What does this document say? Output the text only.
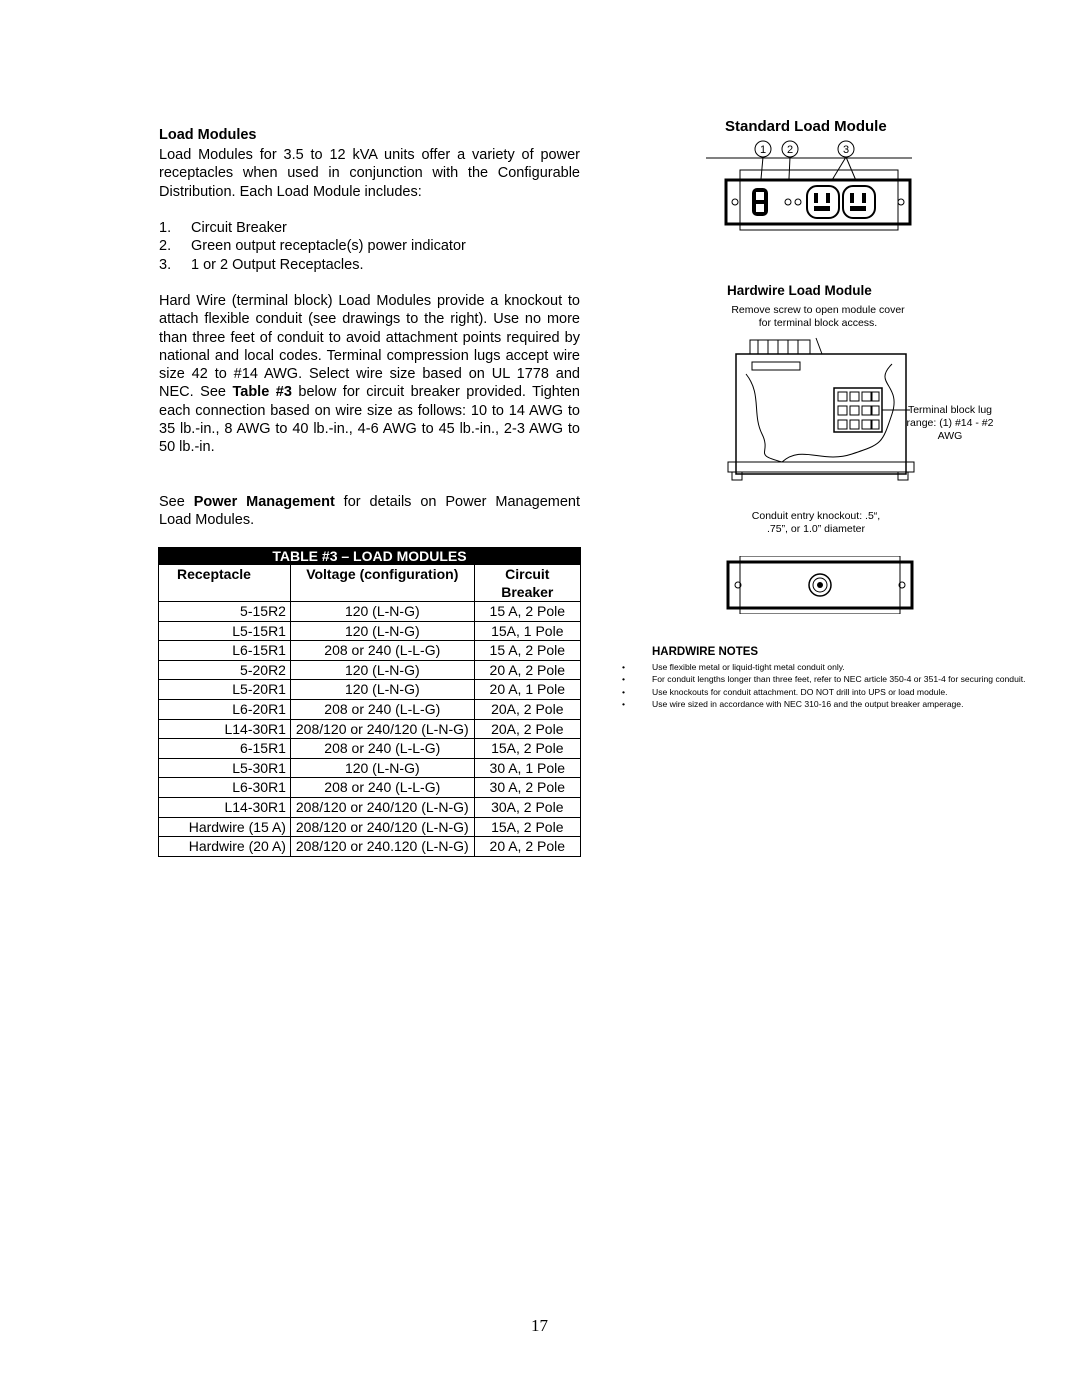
Load Modules
Load Modules for 3.5 to 12 kVA units offer a variety of power receptacles when used in conjunction with the Configurable Distribution. Each Load Module includes:
1. Circuit Breaker
2. Green output receptacle(s) power indicator
3. 1 or 2 Output Receptacles.
Hard Wire (terminal block) Load Modules provide a knockout to attach flexible conduit (see drawings to the right). Use no more than three feet of conduit to avoid attachment points required by national and local codes. Terminal compression lugs accept wire size 42 to #14 AWG. Select wire size based on UL 1778 and NEC. See Table #3 below for circuit breaker provided. Tighten each connection based on wire size as follows: 10 to 14 AWG to 35 lb.-in., 8 AWG to 40 lb.-in., 4-6 AWG to 45 lb.-in., 2-3 AWG to 50 lb.-in.
See Power Management for details on Power Management Load Modules.
TABLE #3 – LOAD MODULES		
Receptacle	Voltage (configuration)	Circuit Breaker
5-15R2	120 (L-N-G)	15 A, 2 Pole
L5-15R1	120 (L-N-G)	15A, 1 Pole
L6-15R1	208 or 240 (L-L-G)	15 A, 2 Pole
5-20R2	120 (L-N-G)	20 A, 2 Pole
L5-20R1	120 (L-N-G)	20 A, 1 Pole
L6-20R1	208 or 240 (L-L-G)	20A, 2 Pole
L14-30R1	208/120 or 240/120 (L-N-G)	20A, 2 Pole
6-15R1	208 or 240 (L-L-G)	15A, 2 Pole
L5-30R1	120 (L-N-G)	30 A, 1 Pole
L6-30R1	208 or 240 (L-L-G)	30 A, 2 Pole
L14-30R1	208/120 or 240/120 (L-N-G)	30A, 2 Pole
Hardwire (15 A)	208/120 or 240/120 (L-N-G)	15A, 2 Pole
Hardwire (20 A)	208/120 or 240.120 (L-N-G)	20 A, 2 Pole
Standard Load Module
1 2	3
Hardwire Load Module
Remove screw to open module cover for terminal block access.
Terminal block lug range: (1) #14 - #2 AWG
Conduit entry knockout: .5“, .75”, or 1.0” diameter
HARDWIRE NOTES
•	Use flexible metal or liquid-tight metal conduit only.
•	For conduit lengths longer than three feet, refer to NEC article 350-4 or 351-4 for securing conduit.
•	Use knockouts for conduit attachment. DO NOT drill into UPS or load module.
•	Use wire sized in accordance with NEC 310-16 and the output breaker amperage.
17
